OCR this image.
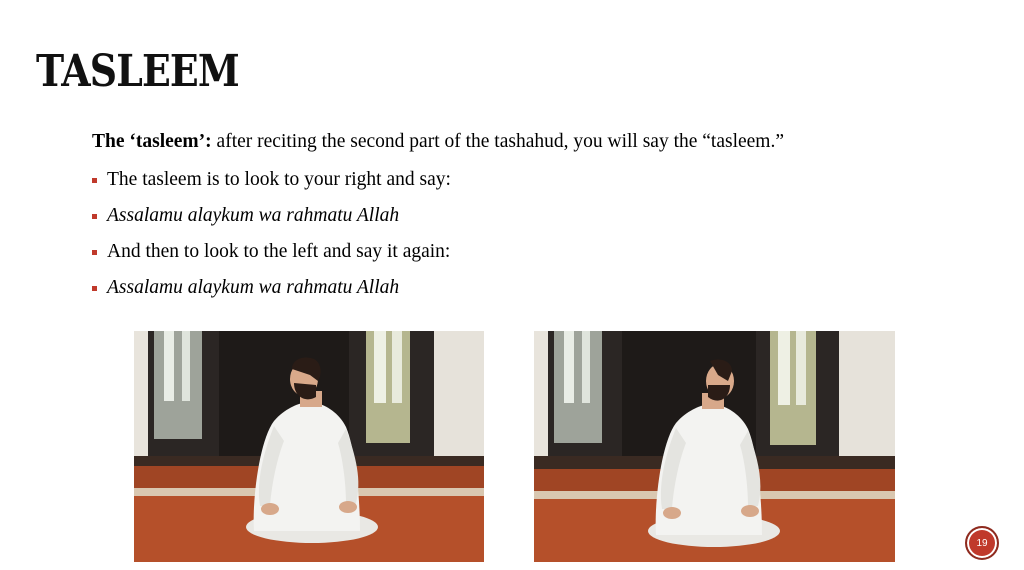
TASLEEM

The ‘tasleem’: after reciting the second part of the tashahud, you will say the “tasleem.”

The tasleem is to look to your right and say:
Assalamu alaykum wa rahmatu Allah
And then to look to the left and say it again:
Assalamu alaykum wa rahmatu Allah
19
